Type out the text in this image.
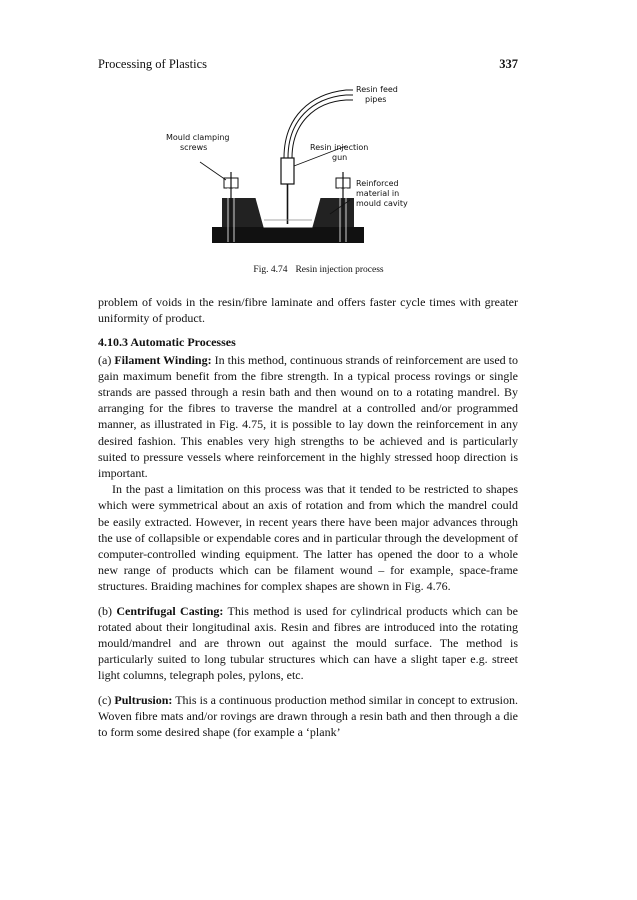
Processing of Plastics	337
Resin feed
pipes
Mould clamping
screws	Resin injection
gun
Reinforced
material in
mould cavity
Fig. 4.74 Resin injection process

problem of voids in the resin/fibre laminate and offers faster cycle times with greater uniformity of product.

4.10.3 Automatic Processes

(a) Filament Winding: In this method, continuous strands of reinforcement are used to gain maximum benefit from the fibre strength. In a typical process rovings or single strands are passed through a resin bath and then wound on to a rotating mandrel. By arranging for the fibres to traverse the mandrel at a controlled and/or programmed manner, as illustrated in Fig. 4.75, it is possible to lay down the reinforcement in any desired fashion. This enables very high strengths to be achieved and is particularly suited to pressure vessels where reinforcement in the highly stressed hoop direction is important.

In the past a limitation on this process was that it tended to be restricted to shapes which were symmetrical about an axis of rotation and from which the mandrel could be easily extracted. However, in recent years there have been major advances through the use of collapsible or expendable cores and in particular through the development of computer-controlled winding equipment. The latter has opened the door to a whole new range of products which can be filament wound – for example, space-frame structures. Braiding machines for complex shapes are shown in Fig. 4.76.

(b) Centrifugal Casting: This method is used for cylindrical products which can be rotated about their longitudinal axis. Resin and fibres are introduced into the rotating mould/mandrel and are thrown out against the mould surface. The method is particularly suited to long tubular structures which can have a slight taper e.g. street light columns, telegraph poles, pylons, etc.

(c) Pultrusion: This is a continuous production method similar in concept to extrusion. Woven fibre mats and/or rovings are drawn through a resin bath and then through a die to form some desired shape (for example a ‘plank’
